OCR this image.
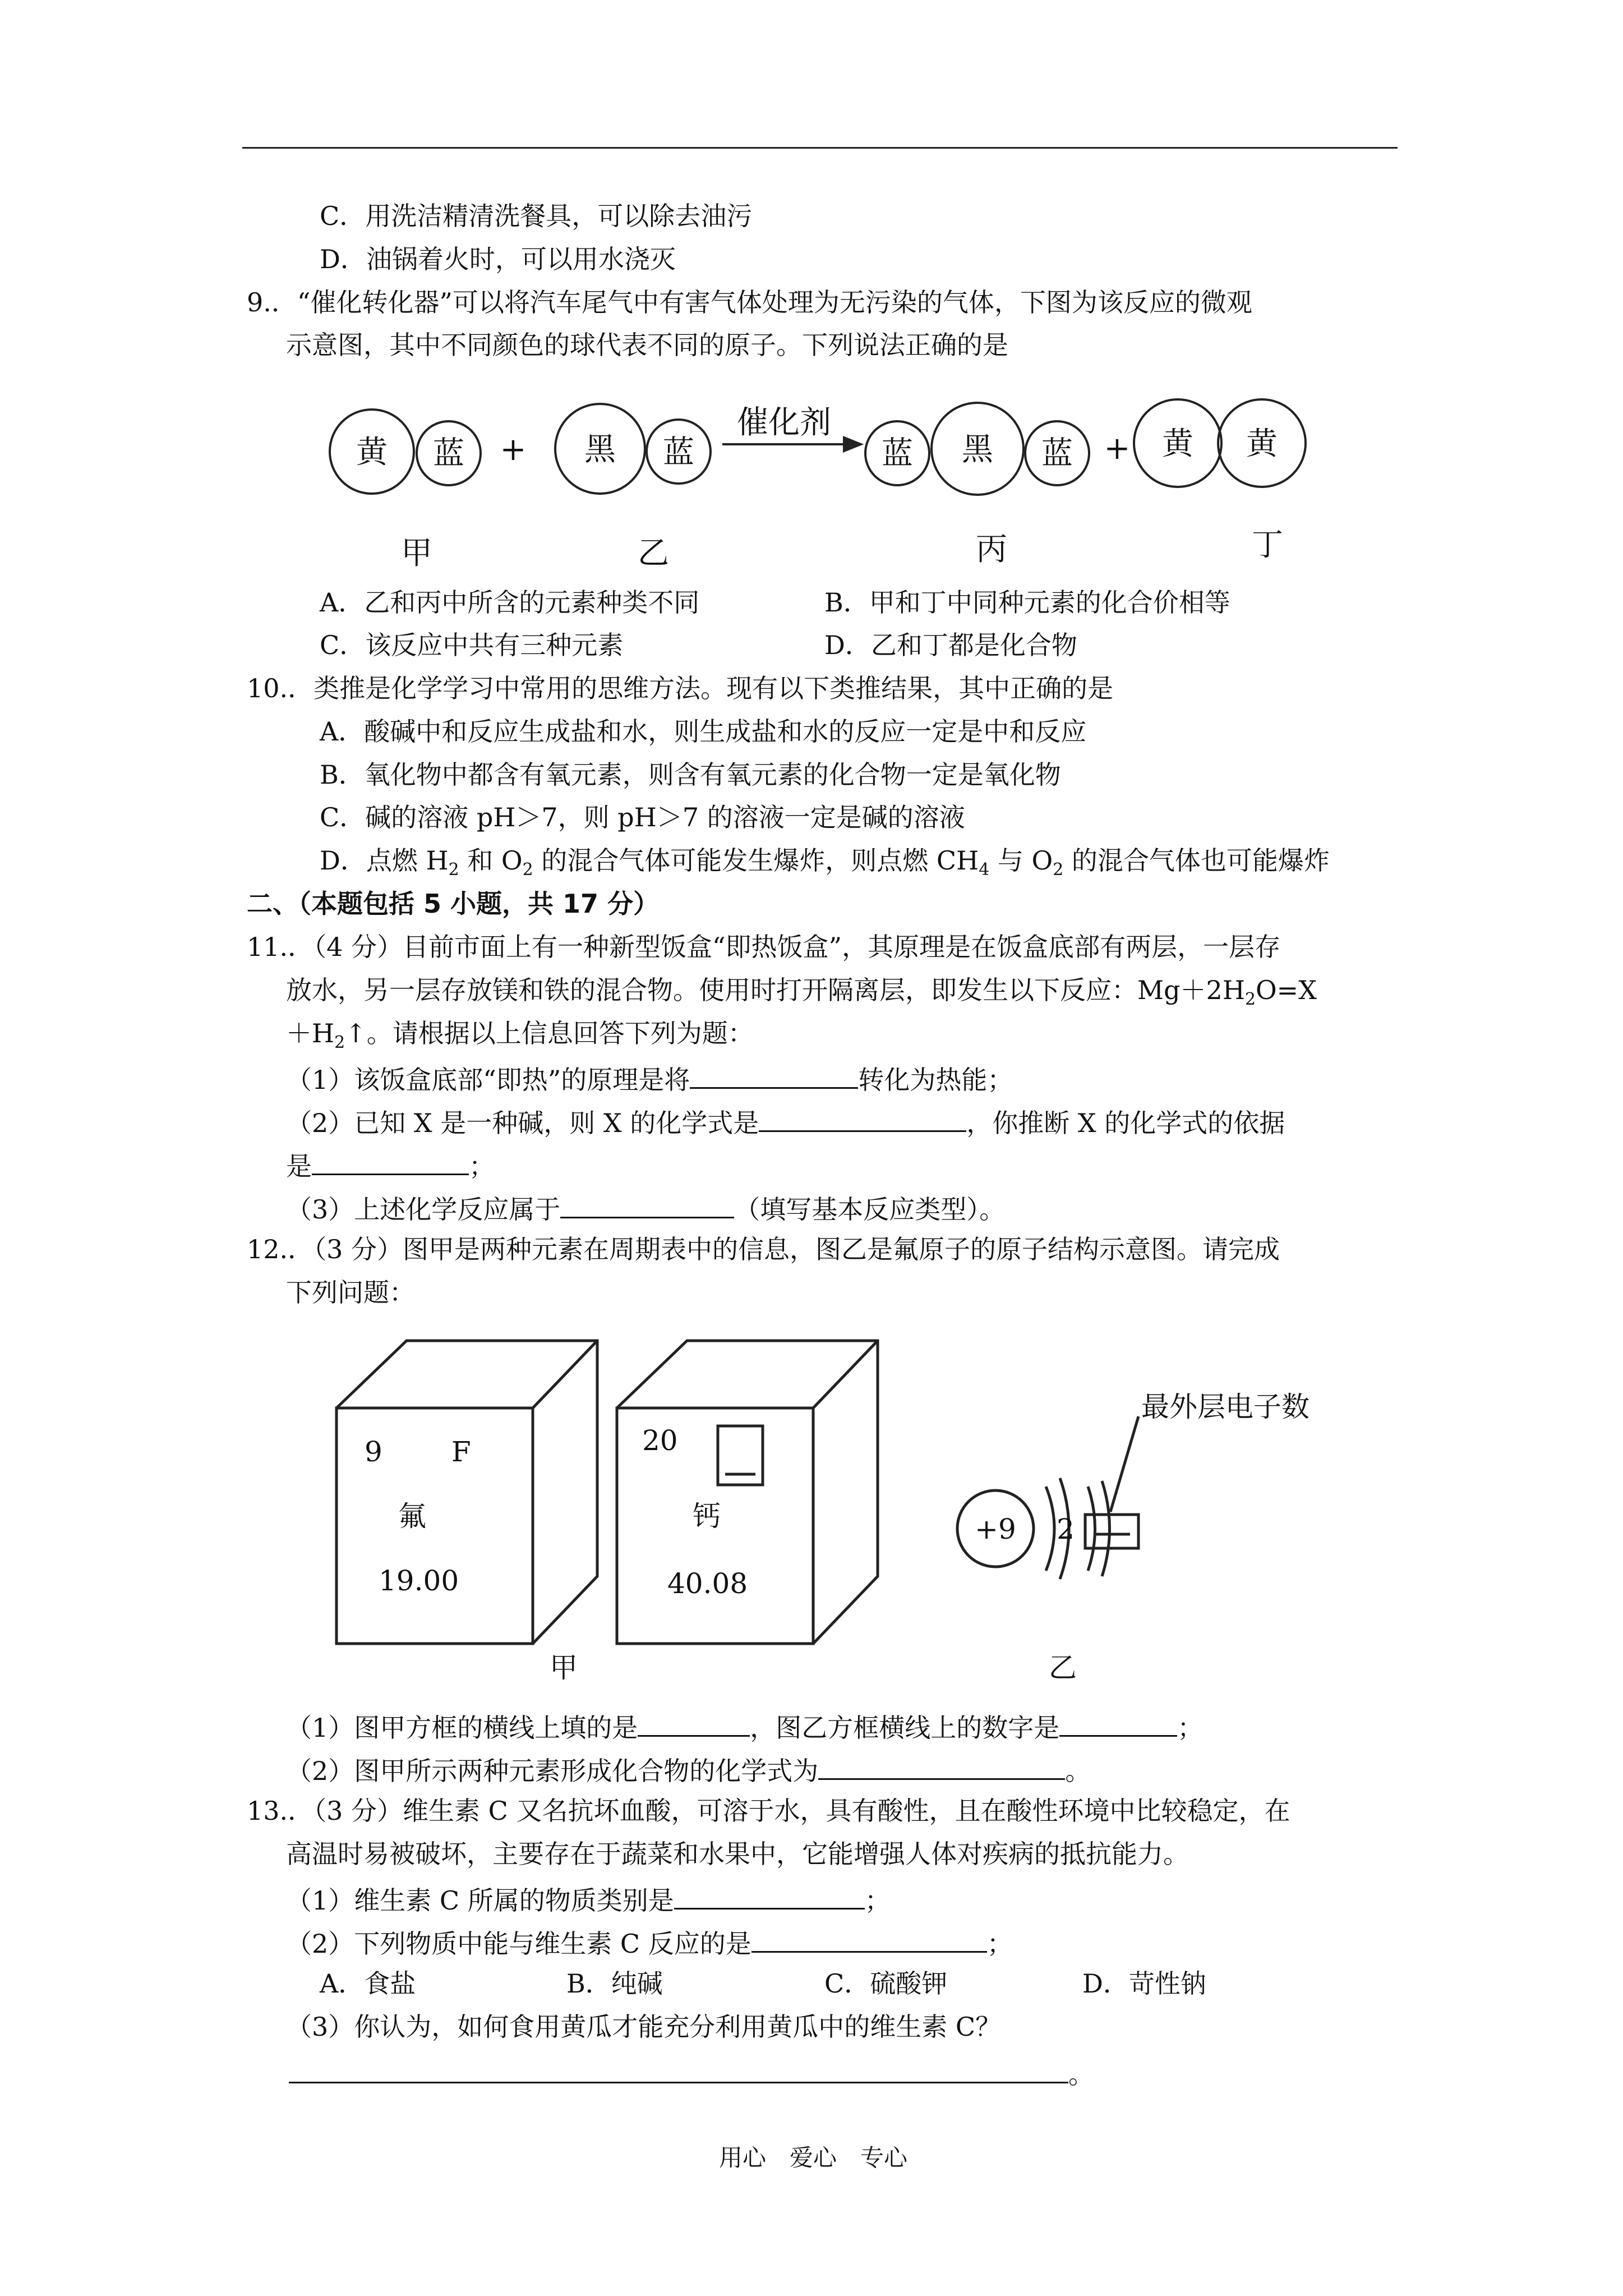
C．用洗洁精清洗餐具，可以除去油污
D．油锅着火时，可以用水浇灭
9.．“催化转化器”可以将汽车尾气中有害气体处理为无污染的气体，下图为该反应的微观
示意图，其中不同颜色的球代表不同的原子。下列说法正确的是
黄 蓝	黑 蓝	蓝 黑 蓝	黄 黄
+	+
催化剂
甲	乙	丙	丁
A．乙和丙中所含的元素种类不同	B．甲和丁中同种元素的化合价相等
C．该反应中共有三种元素	D．乙和丁都是化合物
10.．类推是化学学习中常用的思维方法。现有以下类推结果，其中正确的是
A．酸碱中和反应生成盐和水，则生成盐和水的反应一定是中和反应
B．氧化物中都含有氧元素，则含有氧元素的化合物一定是氧化物
C．碱的溶液 pH＞7，则 pH＞7 的溶液一定是碱的溶液
D．点燃 $H_2$ 和 $O_2$ 的混合气体可能发生爆炸，则点燃 $CH_4$ 与 $O_2$ 的混合气体也可能爆炸
二、（本题包括 5 小题，共 17 分）
11.．（4 分）目前市面上有一种新型饭盒“即热饭盒”，其原理是在饭盒底部有两层，一层存
放水，另一层存放镁和铁的混合物。使用时打开隔离层，即发生以下反应：$Mg+2H_2O=X$
$+H_2↑$。请根据以上信息回答下列为题：
（1）该饭盒底部“即热”的原理是将	转化为热能；
（2）已知 X 是一种碱，则 X 的化学式是	，你推断 X 的化学式的依据
是	；
（3）上述化学反应属于	（填写基本反应类型）。
12.．（3 分）图甲是两种元素在周期表中的信息，图乙是氟原子的原子结构示意图。请完成
下列问题：
9 F
氟
19.00
20
钙
40.08
+9 2
最外层电子数
甲	乙
（1）图甲方框的横线上填的是	，图乙方框横线上的数字是	；
（2）图甲所示两种元素形成化合物的化学式为	。
13.．（3 分）维生素 C 又名抗坏血酸，可溶于水，具有酸性，且在酸性环境中比较稳定，在
高温时易被破坏，主要存在于蔬菜和水果中，它能增强人体对疾病的抵抗能力。
（1）维生素 C 所属的物质类别是	；
（2）下列物质中能与维生素 C 反应的是	；
A．食盐	B．纯碱	C．硫酸钾	D．苛性钠
（3）你认为，如何食用黄瓜才能充分利用黄瓜中的维生素 C？
。
用心　爱心　专心
